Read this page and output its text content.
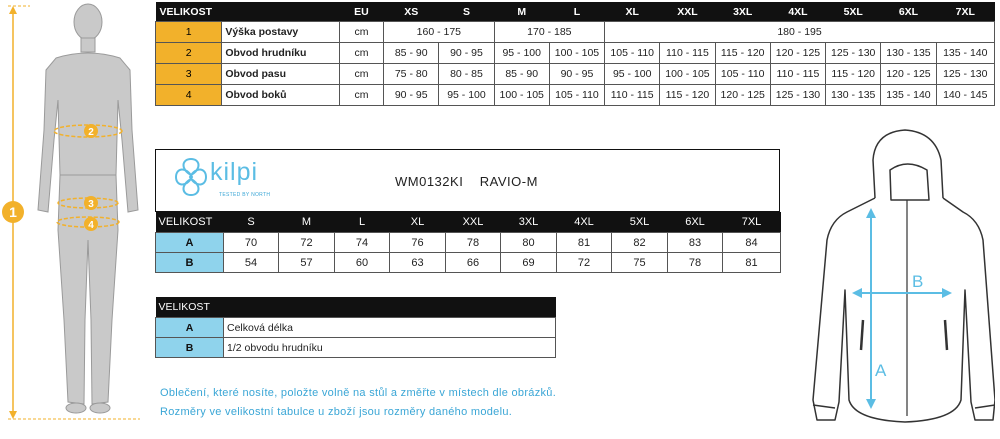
1
2
3
4
VELIKOST		EU	XS	S	M	L	XL	XXL	3XL	4XL	5XL	6XL	7XL
1	Výška postavy	cm	160 - 175		170 - 185		180 - 195						
2	Obvod hrudníku	cm	85 - 90	90 - 95	95 - 100	100 - 105	105 - 110	110 - 115	115 - 120	120 - 125	125 - 130	130 - 135	135 - 140
3	Obvod pasu	cm	75 - 80	80 - 85	85 - 90	90 - 95	95 - 100	100 - 105	105 - 110	110 - 115	115 - 120	120 - 125	125 - 130
4	Obvod boků	cm	90 - 95	95 - 100	100 - 105	105 - 110	110 - 115	115 - 120	120 - 125	125 - 130	130 - 135	135 - 140	140 - 145
kilpi
TESTED BY NORTH
WM0132KI RAVIO-M
VELIKOST	S	M	L	XL	XXL	3XL	4XL	5XL	6XL	7XL
A	70	72	74	76	78	80	81	82	83	84
B	54	57	60	63	66	69	72	75	78	81
VELIKOST	
A	Celková délka
B	1/2 obvodu hrudníku
Oblečení, které nosíte, položte volně na stůl a změřte v místech dle obrázků.
Rozměry ve velikostní tabulce u zboží jsou rozměry daného modelu.
A
B
